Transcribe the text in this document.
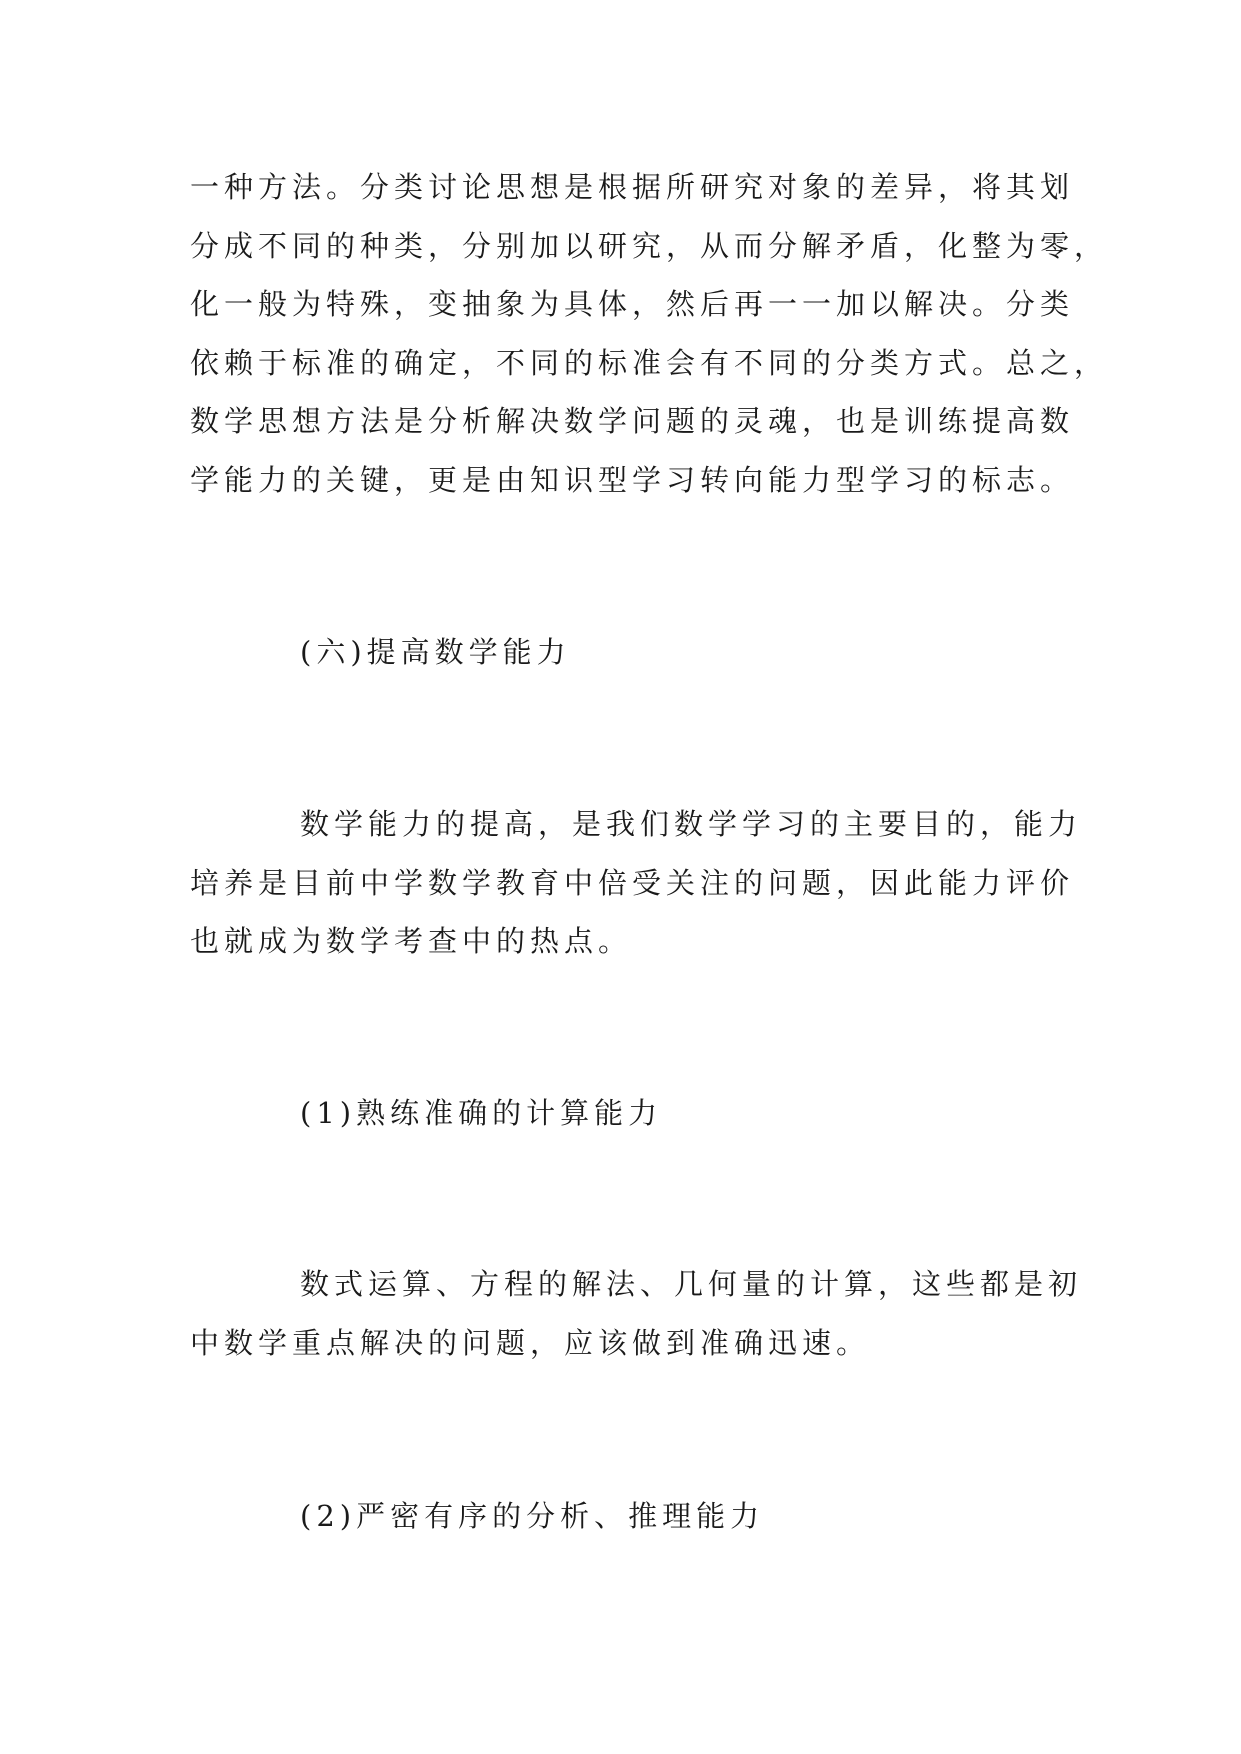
一种方法。分类讨论思想是根据所研究对象的差异，将其划
分成不同的种类，分别加以研究，从而分解矛盾，化整为零，
化一般为特殊，变抽象为具体，然后再一一加以解决。分类
依赖于标准的确定，不同的标准会有不同的分类方式。总之，
数学思想方法是分析解决数学问题的灵魂，也是训练提高数
学能力的关键，更是由知识型学习转向能力型学习的标志。
(六)提高数学能力
数学能力的提高，是我们数学学习的主要目的，能力
培养是目前中学数学教育中倍受关注的问题，因此能力评价
也就成为数学考查中的热点。
(1)熟练准确的计算能力
数式运算、方程的解法、几何量的计算，这些都是初
中数学重点解决的问题，应该做到准确迅速。
(2)严密有序的分析、推理能力
